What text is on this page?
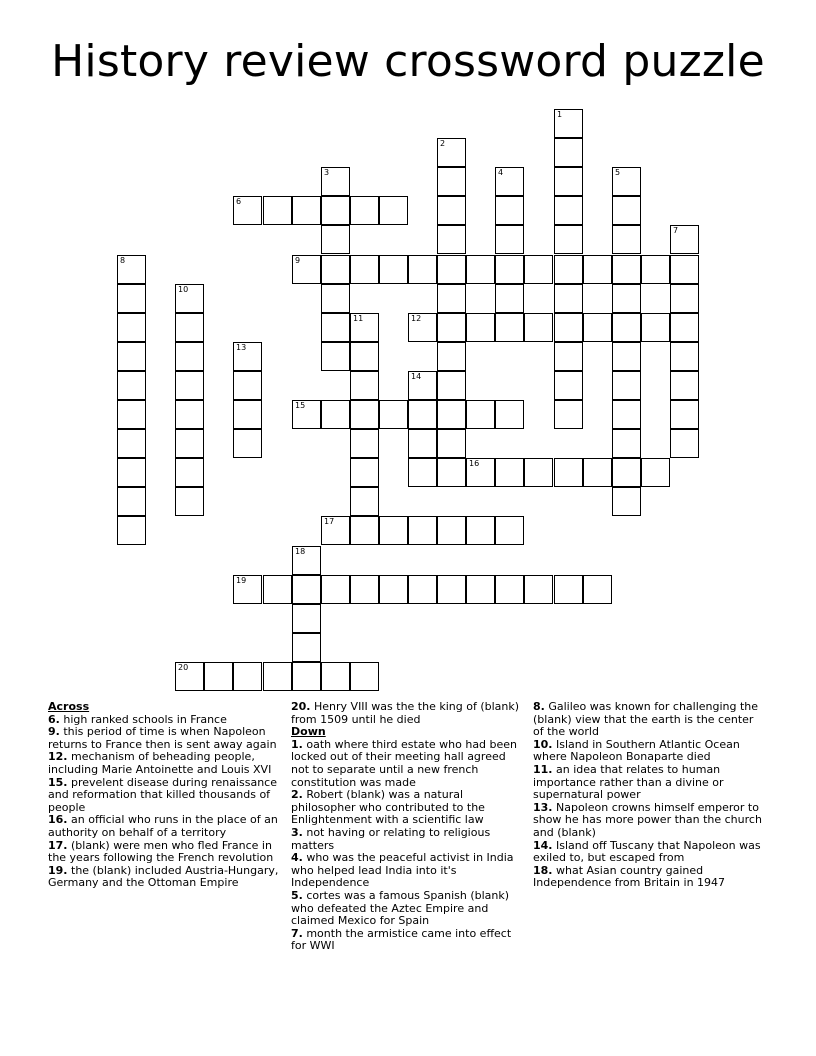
History review crossword puzzle
1
2
3	4	5
6
7
8	9
10
11	12
13
14
15
16
17
18
19
20

Across

6. high ranked schools in France

9. this period of time is when Napoleon returns to France then is sent away again

12. mechanism of beheading people, including Marie Antoinette and Louis XVI

15. prevelent disease during renaissance and reformation that killed thousands of people

16. an official who runs in the place of an authority on behalf of a territory

17. (blank) were men who fled France in the years following the French revolution

19. the (blank) included Austria-Hungary, Germany and the Ottoman Empire

20. Henry VIII was the the king of (blank) from 1509 until he died

Down

1. oath where third estate who had been locked out of their meeting hall agreed not to separate until a new french constitution was made

2. Robert (blank) was a natural philosopher who contributed to the Enlightenment with a scientific law

3. not having or relating to religious matters

4. who was the peaceful activist in India who helped lead India into it's Independence

5. cortes was a famous Spanish (blank) who defeated the Aztec Empire and claimed Mexico for Spain

7. month the armistice came into effect for WWI

8. Galileo was known for challenging the (blank) view that the earth is the center of the world

10. Island in Southern Atlantic Ocean where Napoleon Bonaparte died

11. an idea that relates to human importance rather than a divine or supernatural power

13. Napoleon crowns himself emperor to show he has more power than the church and (blank)

14. Island off Tuscany that Napoleon was exiled to, but escaped from

18. what Asian country gained Independence from Britain in 1947
